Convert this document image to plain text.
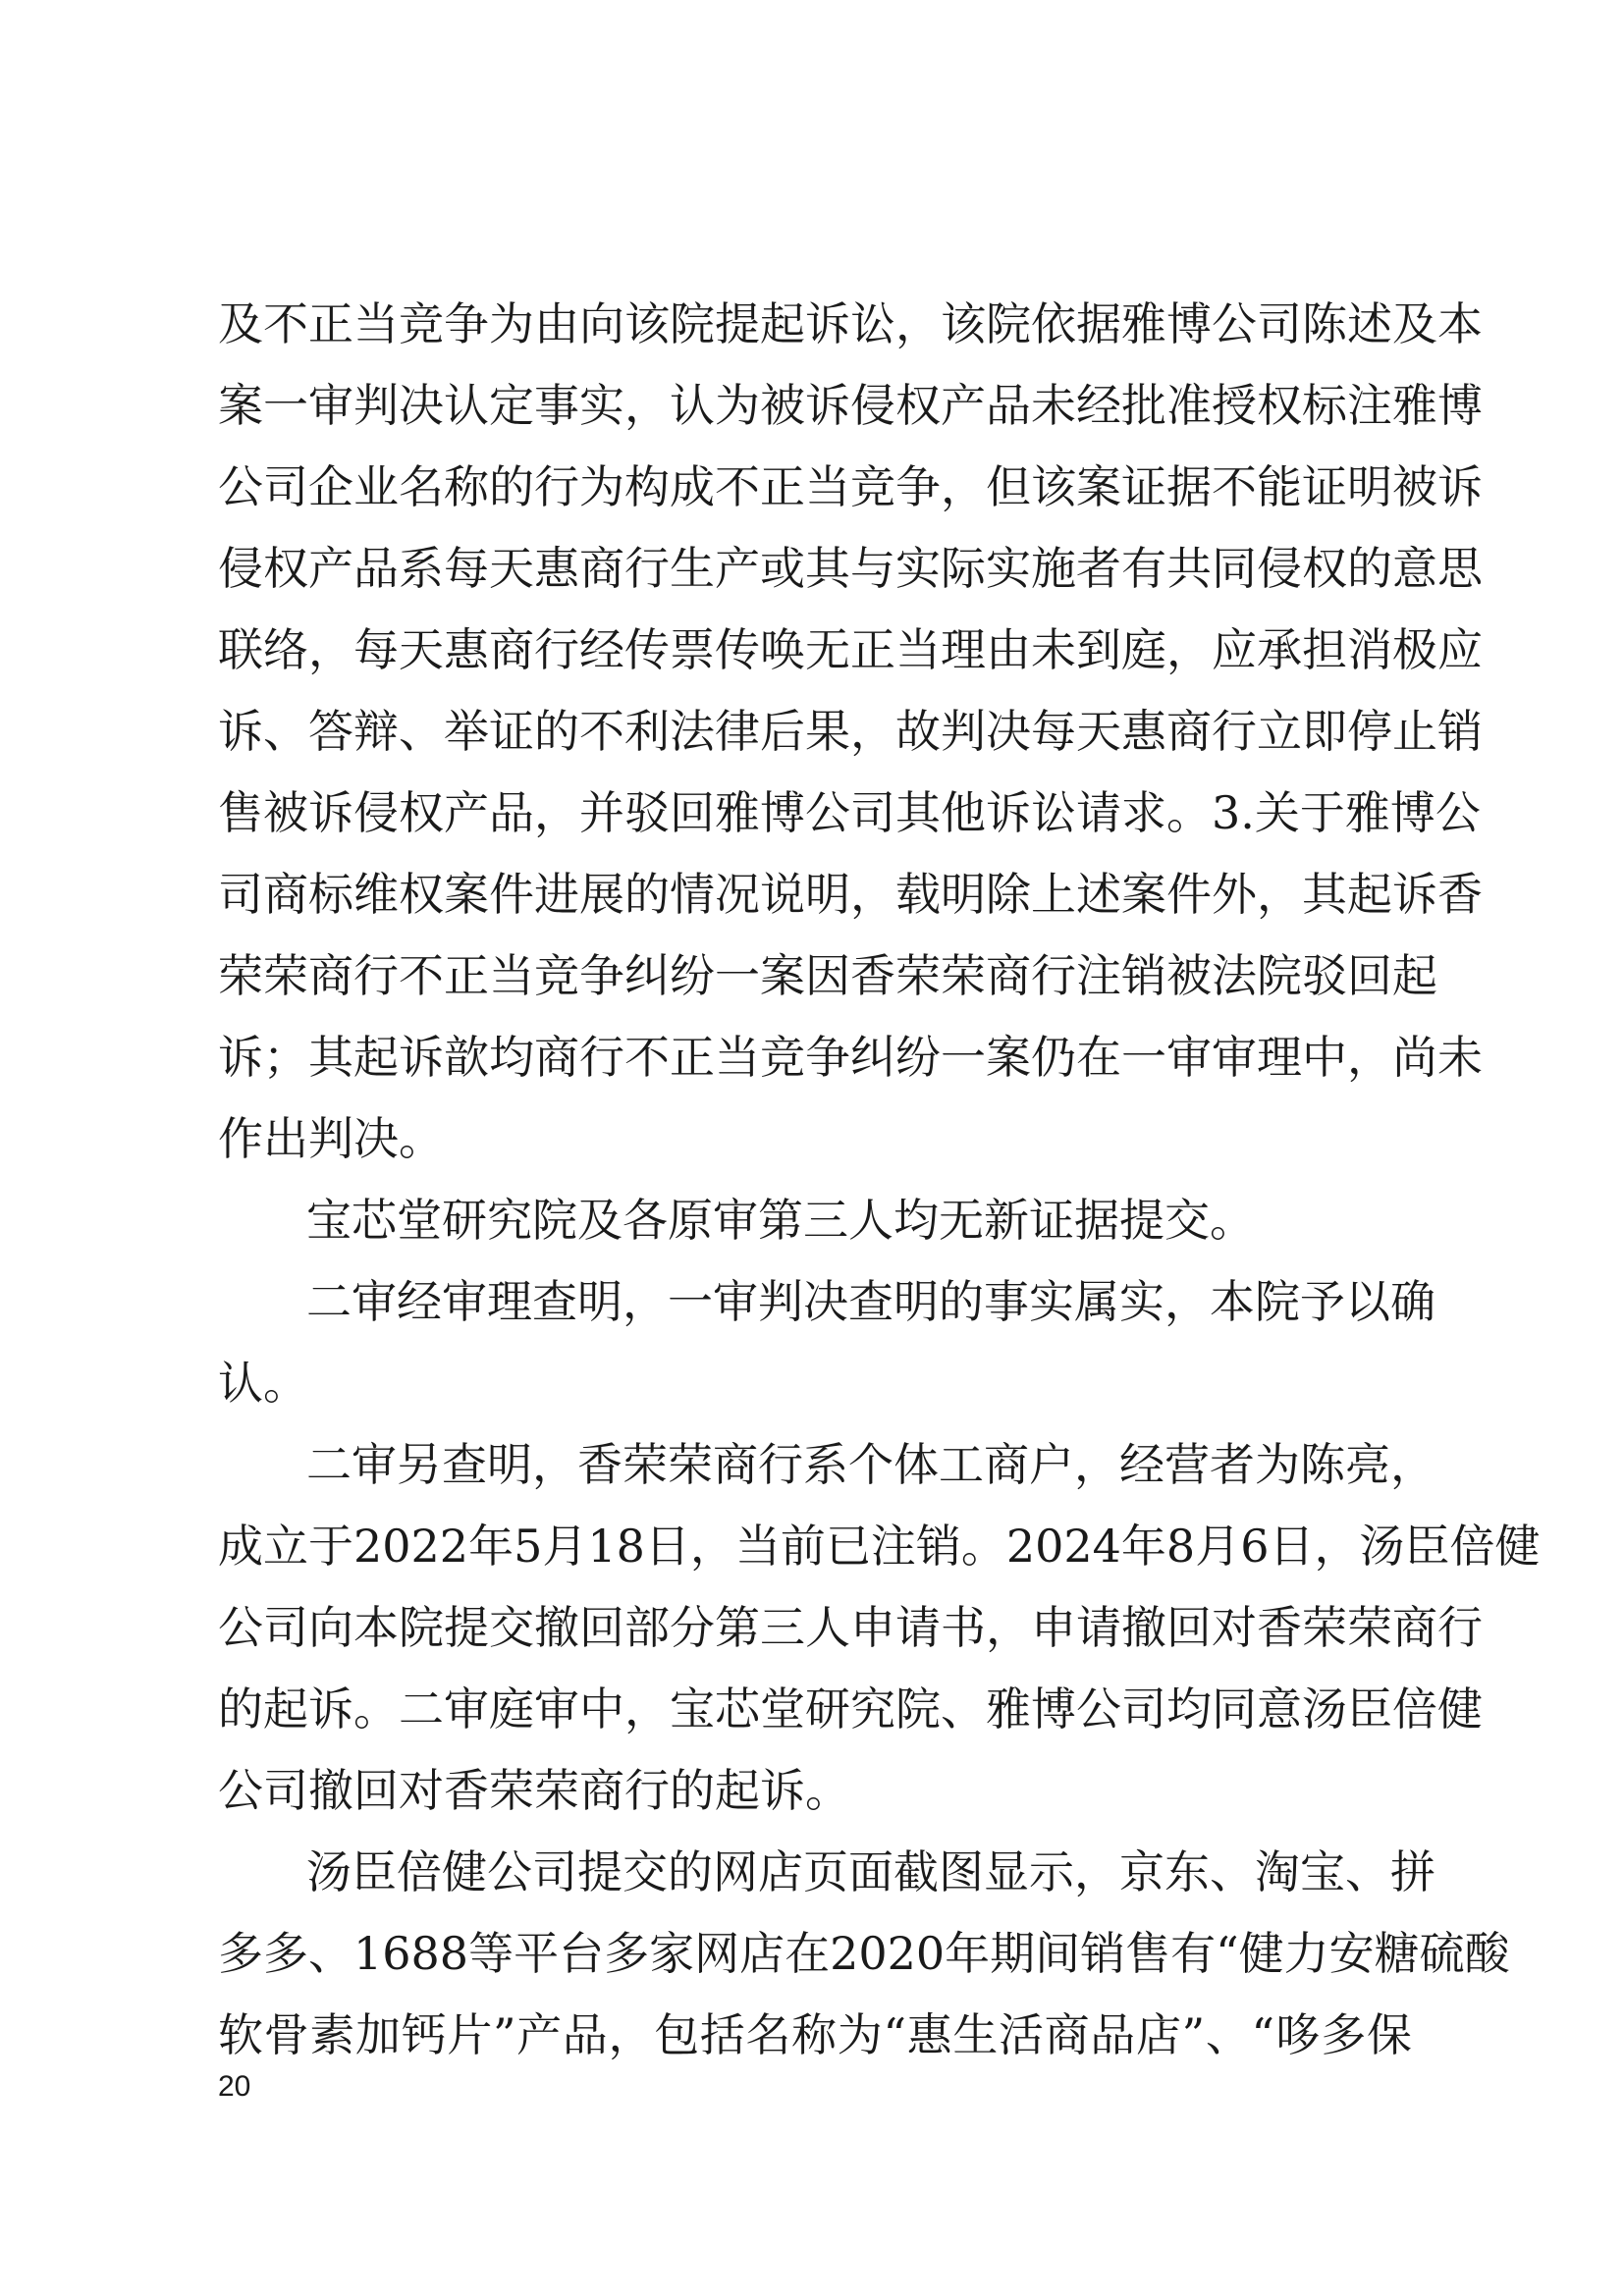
及不正当竞争为由向该院提起诉讼，该院依据雅博公司陈述及本
案一审判决认定事实，认为被诉侵权产品未经批准授权标注雅博
公司企业名称的行为构成不正当竞争，但该案证据不能证明被诉
侵权产品系每天惠商行生产或其与实际实施者有共同侵权的意思
联络，每天惠商行经传票传唤无正当理由未到庭，应承担消极应
诉、答辩、举证的不利法律后果，故判决每天惠商行立即停止销
售被诉侵权产品，并驳回雅博公司其他诉讼请求。3.关于雅博公
司商标维权案件进展的情况说明，载明除上述案件外，其起诉香
荣荣商行不正当竞争纠纷一案因香荣荣商行注销被法院驳回起
诉；其起诉歆均商行不正当竞争纠纷一案仍在一审审理中，尚未
作出判决。
宝芯堂研究院及各原审第三人均无新证据提交。
二审经审理查明，一审判决查明的事实属实，本院予以确
认。
二审另查明，香荣荣商行系个体工商户，经营者为陈亮，
成立于2022年5月18日，当前已注销。2024年8月6日，汤臣倍健
公司向本院提交撤回部分第三人申请书，申请撤回对香荣荣商行
的起诉。二审庭审中，宝芯堂研究院、雅博公司均同意汤臣倍健
公司撤回对香荣荣商行的起诉。
汤臣倍健公司提交的网店页面截图显示，京东、淘宝、拼
多多、1688等平台多家网店在2020年期间销售有“健力安糖硫酸
软骨素加钙片”产品，包括名称为“惠生活商品店”、“哆多保
20
